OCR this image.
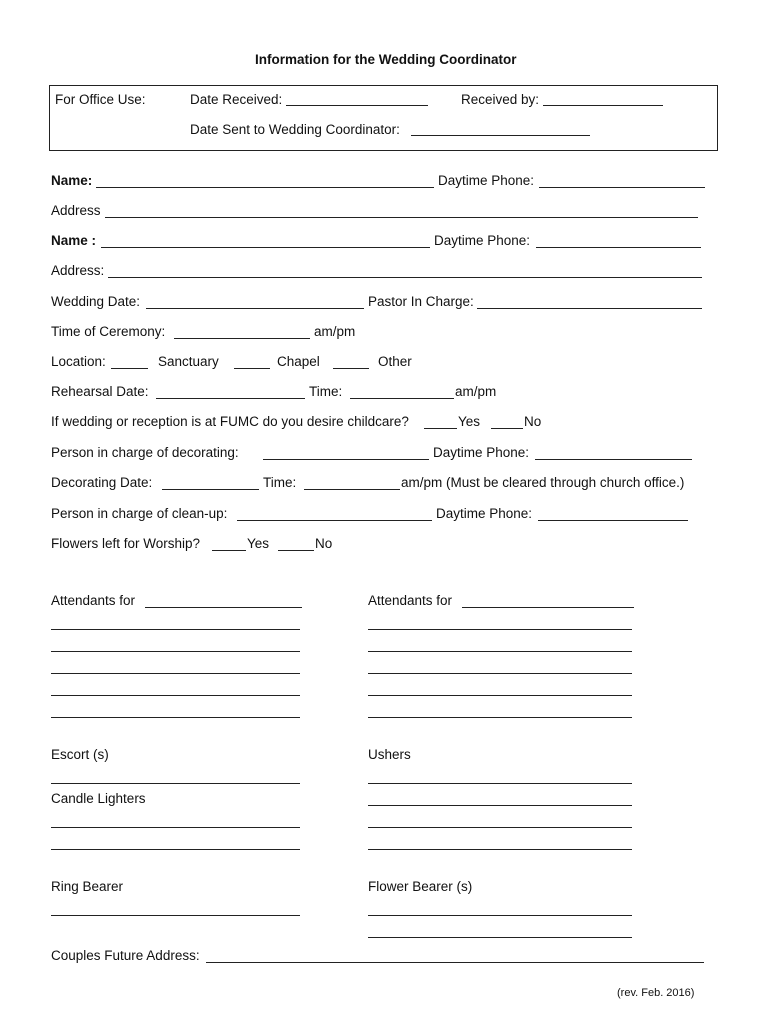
Information for the Wedding Coordinator
For Office Use:	Date Received:	Received by:
Date Sent to Wedding Coordinator:
Name:	Daytime Phone:
Address
Name :	Daytime Phone:
Address:
Wedding Date:	Pastor In Charge:
Time of Ceremony:	am/pm
Location:	Sanctuary	Chapel	Other
Rehearsal Date:	Time:	am/pm
If wedding or reception is at FUMC do you desire childcare?	Yes	No
Person in charge of decorating:	Daytime Phone:
Decorating Date:	Time:	am/pm (Must be cleared through church office.)
Person in charge of clean-up:	Daytime Phone:
Flowers left for Worship?	Yes	No
Attendants for	Attendants for
Escort (s)	Ushers
Candle Lighters
Ring Bearer	Flower Bearer (s)
Couples Future Address:
(rev. Feb. 2016)
